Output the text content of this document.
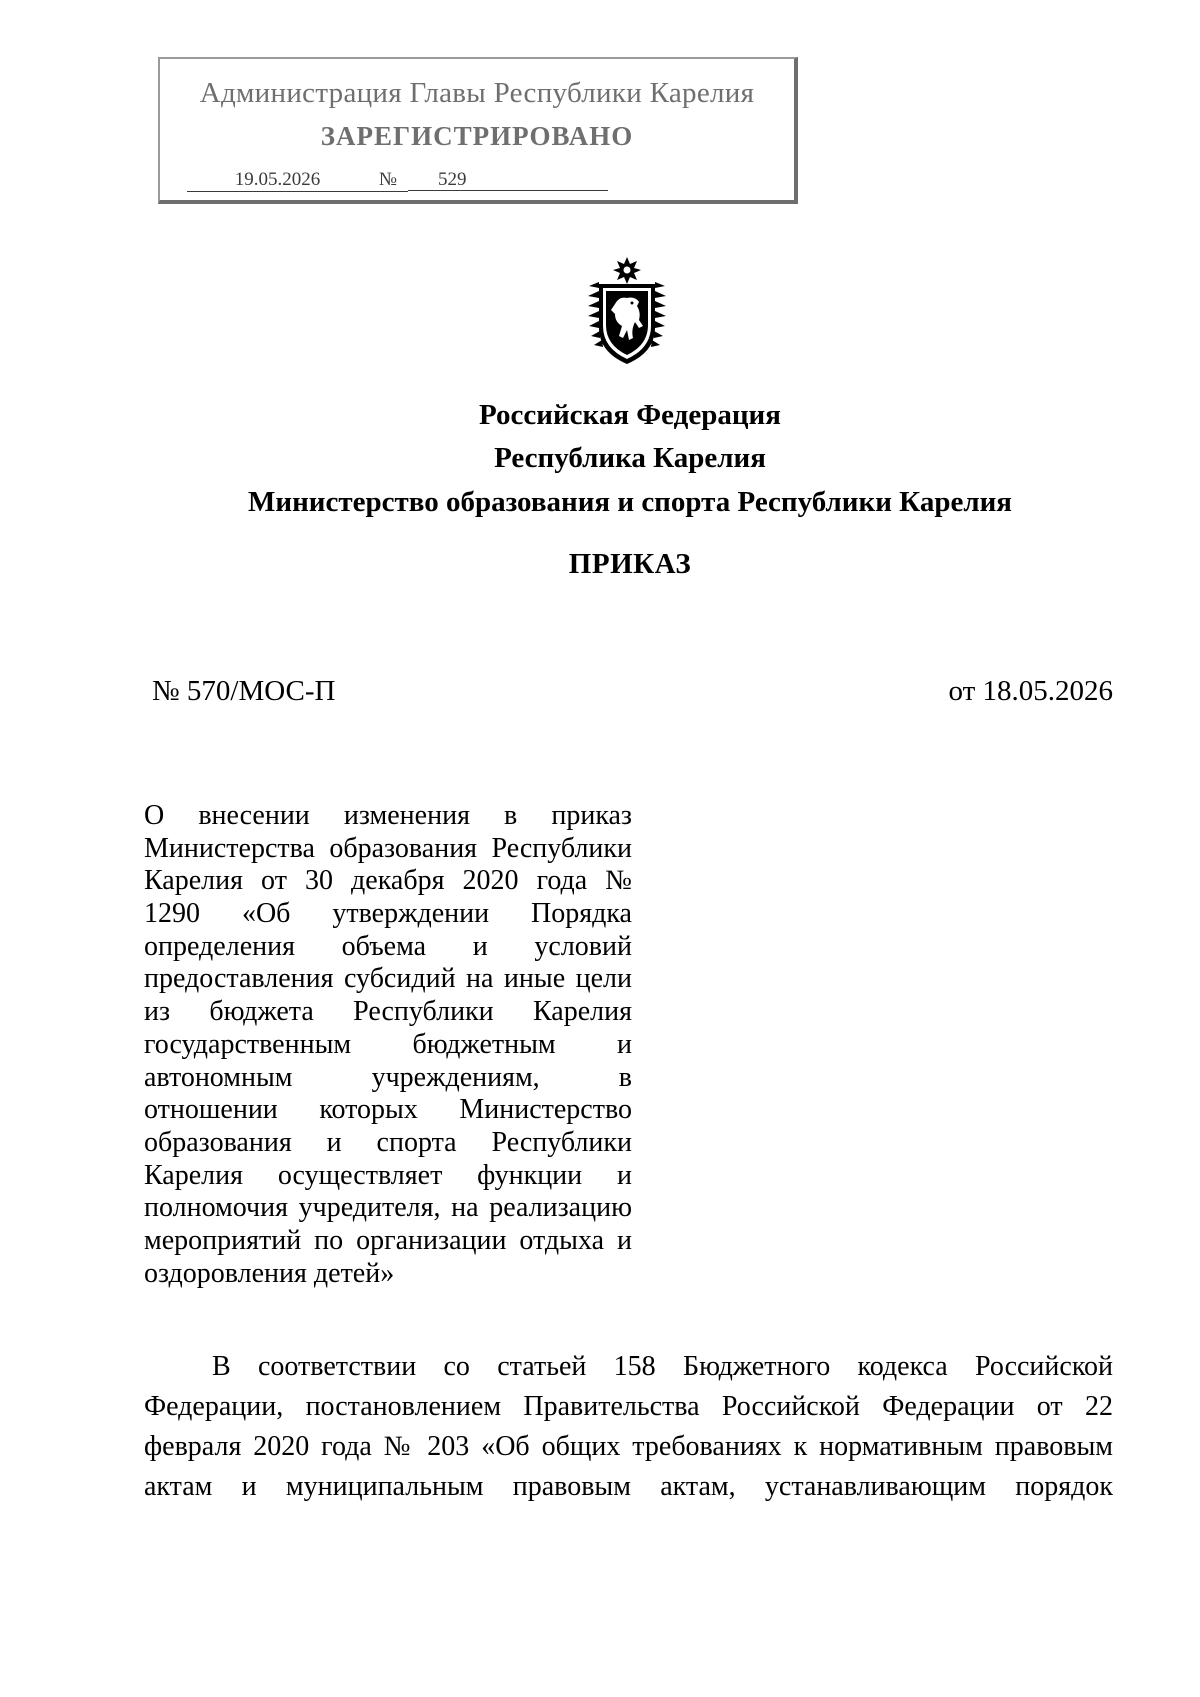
Администрация Главы Республики Карелия
ЗАРЕГИСТРИРОВАНО
19.05.2026	№	529
Российская Федерация
Республика Карелия
Министерство образования и спорта Республики Карелия
ПРИКАЗ
№ 570/МОС-П	от 18.05.2026
О внесении изменения в приказ
Министерства образования Республики
Карелия от 30 декабря 2020 года №
1290 «Об утверждении Порядка
определения объема и условий
предоставления субсидий на иные цели
из бюджета Республики Карелия
государственным бюджетным и
автономным учреждениям, в
отношении которых Министерство
образования и спорта Республики
Карелия осуществляет функции и
полномочия учредителя, на реализацию
мероприятий по организации отдыха и
оздоровления детей»
В соответствии со статьей 158 Бюджетного кодекса Российской
Федерации, постановлением Правительства Российской Федерации от 22
февраля 2020 года № 203 «Об общих требованиях к нормативным правовым
актам и муниципальным правовым актам, устанавливающим порядок
